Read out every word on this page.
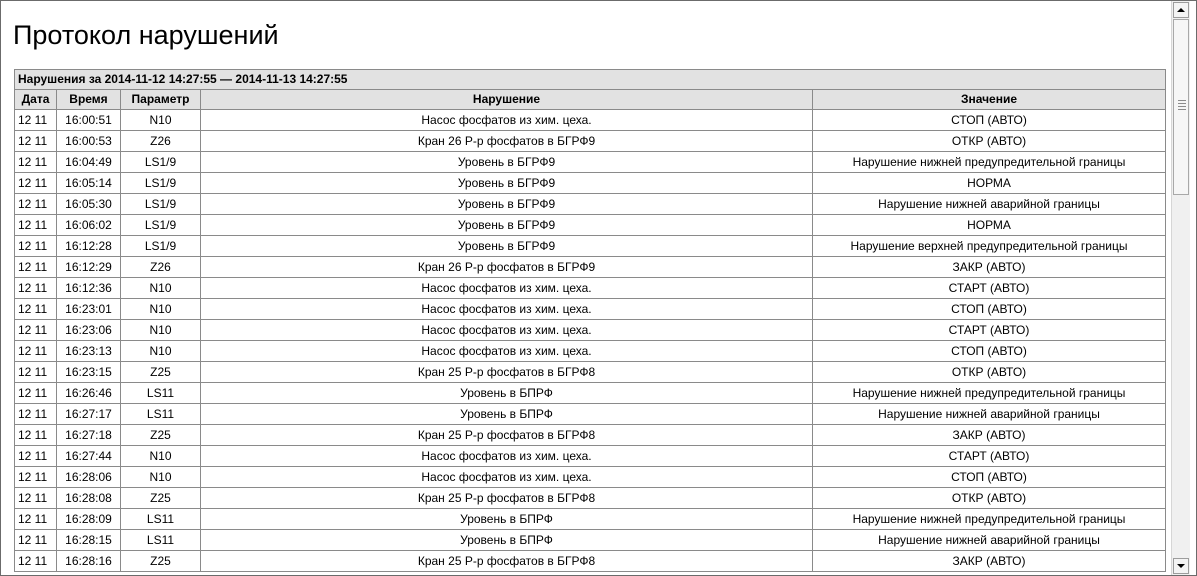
Протокол нарушений
Нарушения за 2014-11-12 14:27:55 — 2014-11-13 14:27:55				
Дата	Время	Параметр	Нарушение	Значение
12 11	16:00:51	N10	Насос фосфатов из хим. цеха.	СТОП (АВТО)
12 11	16:00:53	Z26	Кран 26 Р-р фосфатов в БГРФ9	ОТКР (АВТО)
12 11	16:04:49	LS1/9	Уровень в БГРФ9	Нарушение нижней предупредительной границы
12 11	16:05:14	LS1/9	Уровень в БГРФ9	НОРМА
12 11	16:05:30	LS1/9	Уровень в БГРФ9	Нарушение нижней аварийной границы
12 11	16:06:02	LS1/9	Уровень в БГРФ9	НОРМА
12 11	16:12:28	LS1/9	Уровень в БГРФ9	Нарушение верхней предупредительной границы
12 11	16:12:29	Z26	Кран 26 Р-р фосфатов в БГРФ9	ЗАКР (АВТО)
12 11	16:12:36	N10	Насос фосфатов из хим. цеха.	СТАРТ (АВТО)
12 11	16:23:01	N10	Насос фосфатов из хим. цеха.	СТОП (АВТО)
12 11	16:23:06	N10	Насос фосфатов из хим. цеха.	СТАРТ (АВТО)
12 11	16:23:13	N10	Насос фосфатов из хим. цеха.	СТОП (АВТО)
12 11	16:23:15	Z25	Кран 25 Р-р фосфатов в БГРФ8	ОТКР (АВТО)
12 11	16:26:46	LS11	Уровень в БПРФ	Нарушение нижней предупредительной границы
12 11	16:27:17	LS11	Уровень в БПРФ	Нарушение нижней аварийной границы
12 11	16:27:18	Z25	Кран 25 Р-р фосфатов в БГРФ8	ЗАКР (АВТО)
12 11	16:27:44	N10	Насос фосфатов из хим. цеха.	СТАРТ (АВТО)
12 11	16:28:06	N10	Насос фосфатов из хим. цеха.	СТОП (АВТО)
12 11	16:28:08	Z25	Кран 25 Р-р фосфатов в БГРФ8	ОТКР (АВТО)
12 11	16:28:09	LS11	Уровень в БПРФ	Нарушение нижней предупредительной границы
12 11	16:28:15	LS11	Уровень в БПРФ	Нарушение нижней аварийной границы
12 11	16:28:16	Z25	Кран 25 Р-р фосфатов в БГРФ8	ЗАКР (АВТО)
